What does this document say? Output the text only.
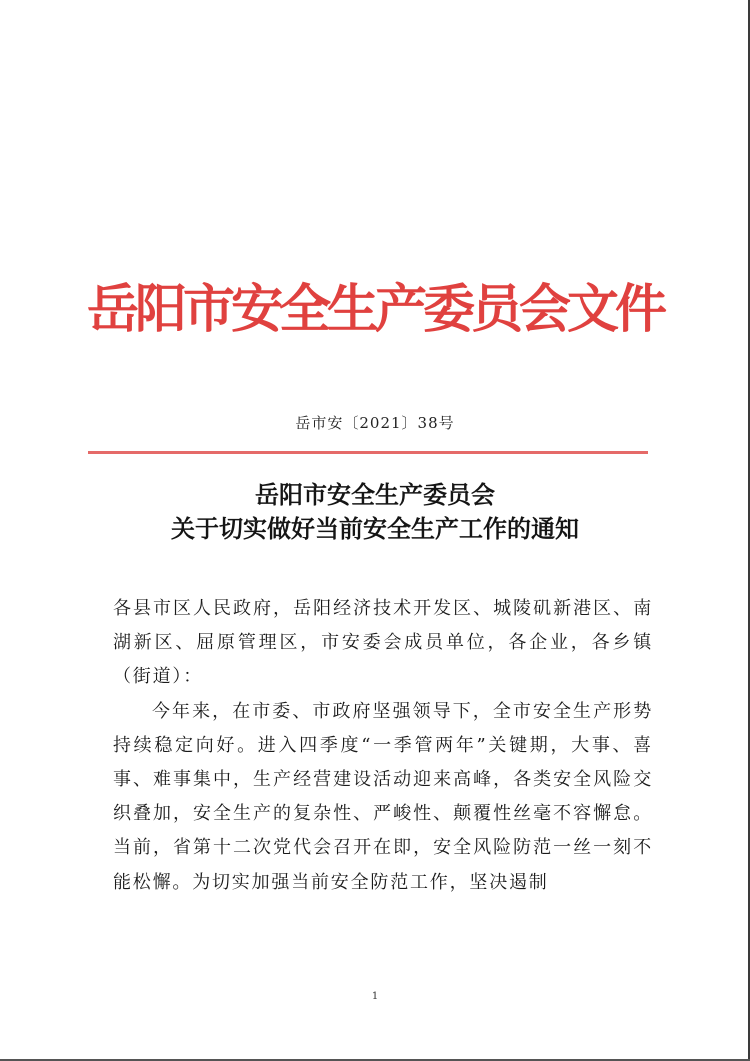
岳阳市安全生产委员会文件
岳市安〔2021〕38号
岳阳市安全生产委员会
关于切实做好当前安全生产工作的通知

各县市区人民政府，岳阳经济技术开发区、城陵矶新港区、南湖新区、屈原管理区，市安委会成员单位，各企业，各乡镇（街道）：

今年来，在市委、市政府坚强领导下，全市安全生产形势持续稳定向好。进入四季度“一季管两年”关键期，大事、喜事、难事集中，生产经营建设活动迎来高峰，各类安全风险交织叠加，安全生产的复杂性、严峻性、颠覆性丝毫不容懈怠。当前，省第十二次党代会召开在即，安全风险防范一丝一刻不能松懈。为切实加强当前安全防范工作，坚决遏制

1
